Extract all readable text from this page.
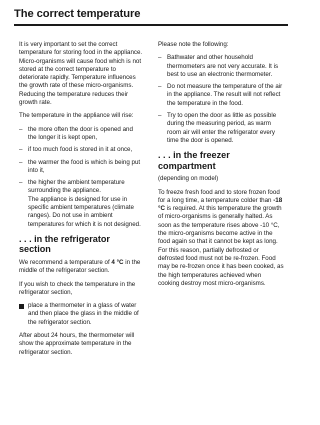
The correct temperature

It is very important to set the correct temperature for storing food in the appliance. Micro-organisms will cause food which is not stored at the correct temperature to deteriorate rapidly. Temperature influences the growth rate of these micro-organisms. Reducing the temperature reduces their growth rate.

The temperature in the appliance will rise:

– the more often the door is opened and the longer it is kept open,
– if too much food is stored in it at once,
– the warmer the food is which is being put into it,
– the higher the ambient temperature surrounding the appliance.
The appliance is designed for use in specific ambient temperatures (climate ranges). Do not use in ambient temperatures for which it is not designed.
. . . in the refrigerator section

We recommend a temperature of 4 °C in the middle of the refrigerator section.

If you wish to check the temperature in the refrigerator section,

place a thermometer in a glass of water and then place the glass in the middle of the refrigerator section.

After about 24 hours, the thermometer will show the approximate temperature in the refrigerator section.

Please note the following:

– Bathwater and other household thermometers are not very accurate. It is best to use an electronic thermometer.
– Do not measure the temperature of the air in the appliance. The result will not reflect the temperature in the food.
– Try to open the door as little as possible during the measuring period, as warm room air will enter the refrigerator every time the door is opened.
. . . in the freezer compartment

(depending on model)

To freeze fresh food and to store frozen food for a long time, a temperature colder than -18 °C is required. At this temperature the growth of micro-organisms is generally halted. As soon as the temperature rises above -10 °C, the micro-organisms become active in the food again so that it cannot be kept as long. For this reason, partially defrosted or defrosted food must not be re-frozen. Food may be re-frozen once it has been cooked, as the high temperatures achieved when cooking destroy most micro-organisms.
